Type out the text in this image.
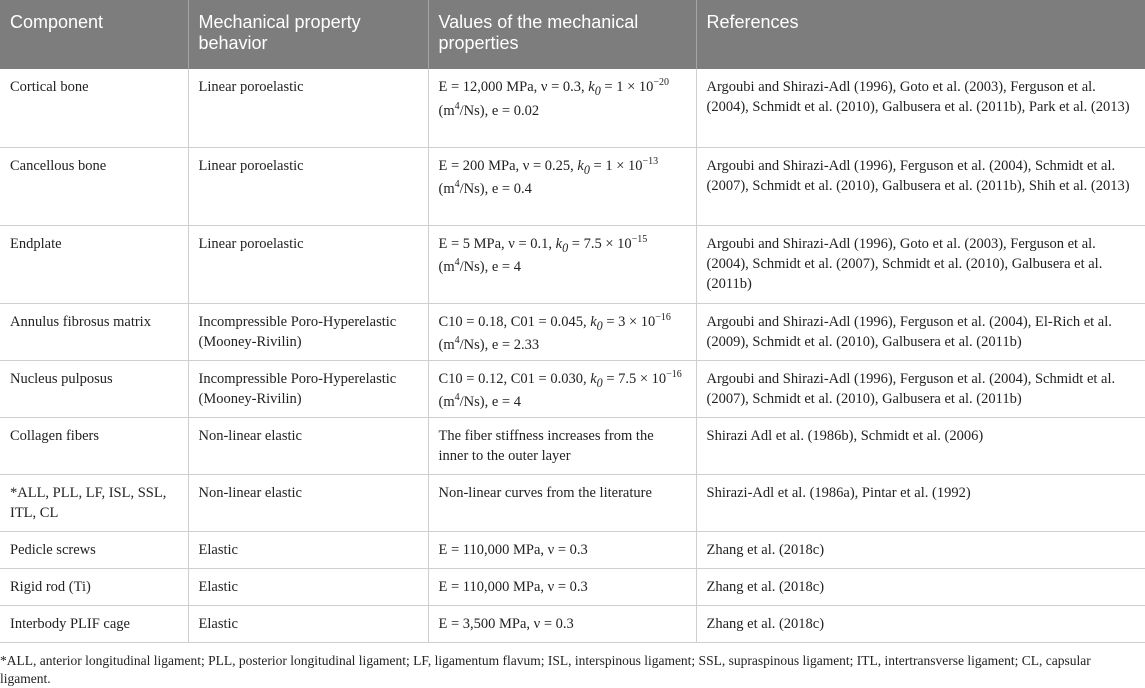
Component	Mechanical property behavior	Values of the mechanical properties	References
Cortical bone	Linear poroelastic	E = 12,000 MPa, ν = 0.3, $k_0 = 1 \times 10^{-20}$ $(m^4/Ns)$, e = 0.02	Argoubi and Shirazi-Adl (1996), Goto et al. (2003), Ferguson et al. (2004), Schmidt et al. (2010), Galbusera et al. (2011b), Park et al. (2013)
Cancellous bone	Linear poroelastic	E = 200 MPa, ν = 0.25, $k_0 = 1 \times 10^{-13}$ $(m^4/Ns)$, e = 0.4	Argoubi and Shirazi-Adl (1996), Ferguson et al. (2004), Schmidt et al. (2007), Schmidt et al. (2010), Galbusera et al. (2011b), Shih et al. (2013)
Endplate	Linear poroelastic	E = 5 MPa, ν = 0.1, $k_0 = 7.5 \times 10^{-15}$ $(m^4/Ns)$, e = 4	Argoubi and Shirazi-Adl (1996), Goto et al. (2003), Ferguson et al. (2004), Schmidt et al. (2007), Schmidt et al. (2010), Galbusera et al. (2011b)
Annulus fibrosus matrix	Incompressible Poro-Hyperelastic (Mooney-Rivilin)	C10 = 0.18, C01 = 0.045, $k_0 = 3 \times 10^{-16}$ $(m^4/Ns)$, e = 2.33	Argoubi and Shirazi-Adl (1996), Ferguson et al. (2004), El-Rich et al. (2009), Schmidt et al. (2010), Galbusera et al. (2011b)
Nucleus pulposus	Incompressible Poro-Hyperelastic (Mooney-Rivilin)	C10 = 0.12, C01 = 0.030, $k_0 = 7.5 \times 10^{-16}$ $(m^4/Ns)$, e = 4	Argoubi and Shirazi-Adl (1996), Ferguson et al. (2004), Schmidt et al. (2007), Schmidt et al. (2010), Galbusera et al. (2011b)
Collagen fibers	Non-linear elastic	The fiber stiffness increases from the inner to the outer layer	Shirazi Adl et al. (1986b), Schmidt et al. (2006)
*ALL, PLL, LF, ISL, SSL, ITL, CL	Non-linear elastic	Non-linear curves from the literature	Shirazi-Adl et al. (1986a), Pintar et al. (1992)
Pedicle screws	Elastic	E = 110,000 MPa, ν = 0.3	Zhang et al. (2018c)
Rigid rod (Ti)	Elastic	E = 110,000 MPa, ν = 0.3	Zhang et al. (2018c)
Interbody PLIF cage	Elastic	E = 3,500 MPa, ν = 0.3	Zhang et al. (2018c)
*ALL, anterior longitudinal ligament; PLL, posterior longitudinal ligament; LF, ligamentum flavum; ISL, interspinous ligament; SSL, supraspinous ligament; ITL, intertransverse ligament; CL, capsular ligament.
